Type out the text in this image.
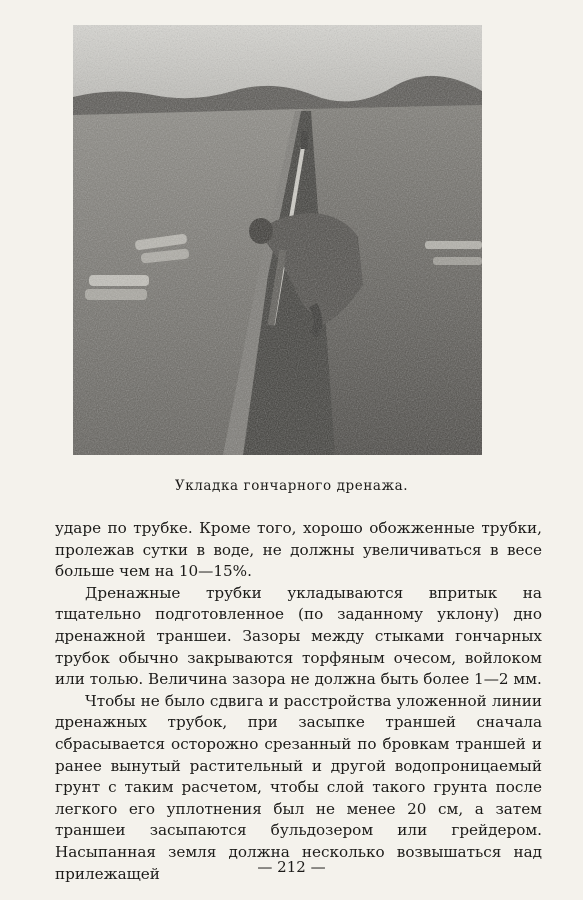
Укладка гончарного дренажа.

ударе по трубке. Кроме того, хорошо обожженные трубки, пролежав сутки в воде, не должны увеличиваться в весе больше чем на 10—15%.

Дренажные трубки укладываются впритык на тщательно подготовленное (по заданному уклону) дно дренажной траншеи. Зазоры между стыками гончарных трубок обычно закрываются торфяным очесом, войлоком или толью. Величина зазора не должна быть более 1—2 мм.

Чтобы не было сдвига и расстройства уложенной линии дренажных трубок, при засыпке траншей сначала сбрасывается осторожно срезанный по бровкам траншей и ранее вынутый растительный и другой водопроницаемый грунт с таким расчетом, чтобы слой такого грунта после легкого его уплотнения был не менее 20 см, а затем траншеи засыпаются бульдозером или грейдером. Насыпанная земля должна несколько возвышаться над прилежащей	— 212 —
